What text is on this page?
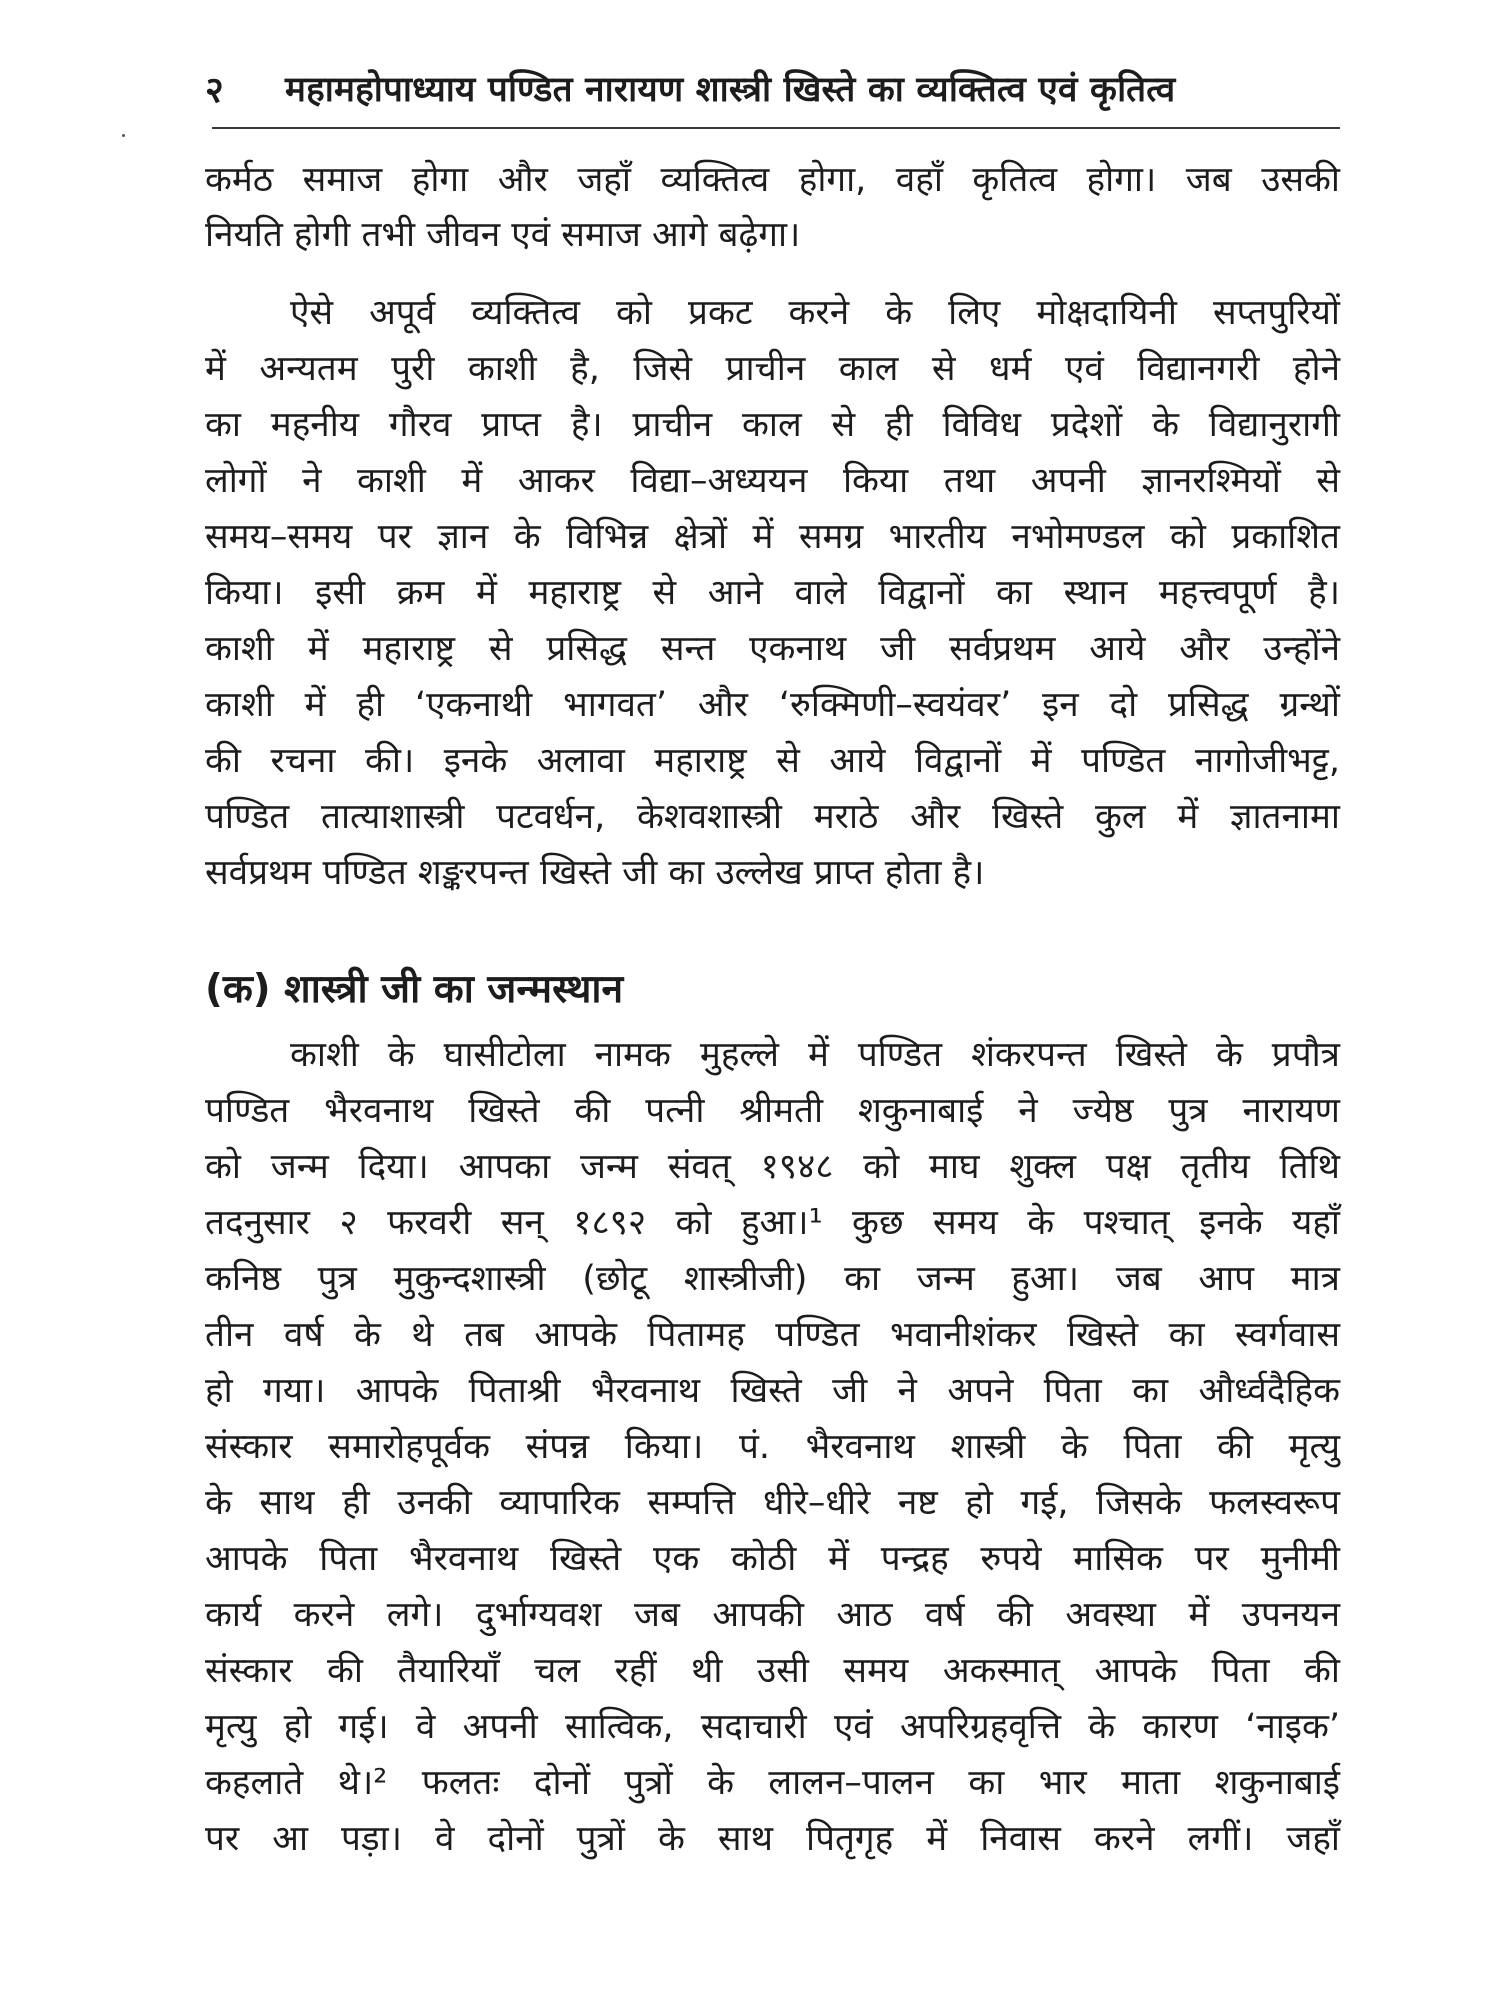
२	महामहोपाध्याय पण्डित नारायण शास्त्री खिस्ते का व्यक्तित्व एवं कृतित्व
कर्मठ समाज होगा और जहाँ व्यक्तित्व होगा, वहाँ कृतित्व होगा। जब उसकी
नियति होगी तभी जीवन एवं समाज आगे बढ़ेगा।
ऐसे अपूर्व व्यक्तित्व को प्रकट करने के लिए मोक्षदायिनी सप्तपुरियों
में अन्यतम पुरी काशी है, जिसे प्राचीन काल से धर्म एवं विद्यानगरी होने
का महनीय गौरव प्राप्त है। प्राचीन काल से ही विविध प्रदेशों के विद्यानुरागी
लोगों ने काशी में आकर विद्या–अध्ययन किया तथा अपनी ज्ञानरश्मियों से
समय–समय पर ज्ञान के विभिन्न क्षेत्रों में समग्र भारतीय नभोमण्डल को प्रकाशित
किया। इसी क्रम में महाराष्ट्र से आने वाले विद्वानों का स्थान महत्त्वपूर्ण है।
काशी में महाराष्ट्र से प्रसिद्ध सन्त एकनाथ जी सर्वप्रथम आये और उन्होंने
काशी में ही ‘एकनाथी भागवत’ और ‘रुक्मिणी–स्वयंवर’ इन दो प्रसिद्ध ग्रन्थों
की रचना की। इनके अलावा महाराष्ट्र से आये विद्वानों में पण्डित नागोजीभट्ट,
पण्डित तात्याशास्त्री पटवर्धन, केशवशास्त्री मराठे और खिस्ते कुल में ज्ञातनामा
सर्वप्रथम पण्डित शङ्करपन्त खिस्ते जी का उल्लेख प्राप्त होता है।
(क) शास्त्री जी का जन्मस्थान
काशी के घासीटोला नामक मुहल्ले में पण्डित शंकरपन्त खिस्ते के प्रपौत्र
पण्डित भैरवनाथ खिस्ते की पत्नी श्रीमती शकुनाबाई ने ज्येष्ठ पुत्र नारायण
को जन्म दिया। आपका जन्म संवत् १९४८ को माघ शुक्ल पक्ष तृतीय तिथि
तदनुसार २ फरवरी सन् १८९२ को हुआ।¹ कुछ समय के पश्चात् इनके यहाँ
कनिष्ठ पुत्र मुकुन्दशास्त्री (छोटू शास्त्रीजी) का जन्म हुआ। जब आप मात्र
तीन वर्ष के थे तब आपके पितामह पण्डित भवानीशंकर खिस्ते का स्वर्गवास
हो गया। आपके पिताश्री भैरवनाथ खिस्ते जी ने अपने पिता का और्ध्वदैहिक
संस्कार समारोहपूर्वक संपन्न किया। पं. भैरवनाथ शास्त्री के पिता की मृत्यु
के साथ ही उनकी व्यापारिक सम्पत्ति धीरे–धीरे नष्ट हो गई, जिसके फलस्वरूप
आपके पिता भैरवनाथ खिस्ते एक कोठी में पन्द्रह रुपये मासिक पर मुनीमी
कार्य करने लगे। दुर्भाग्यवश जब आपकी आठ वर्ष की अवस्था में उपनयन
संस्कार की तैयारियाँ चल रहीं थी उसी समय अकस्मात् आपके पिता की
मृत्यु हो गई। वे अपनी सात्विक, सदाचारी एवं अपरिग्रहवृत्ति के कारण ‘नाइक’
कहलाते थे।² फलतः दोनों पुत्रों के लालन–पालन का भार माता शकुनाबाई
पर आ पड़ा। वे दोनों पुत्रों के साथ पितृगृह में निवास करने लगीं। जहाँ
